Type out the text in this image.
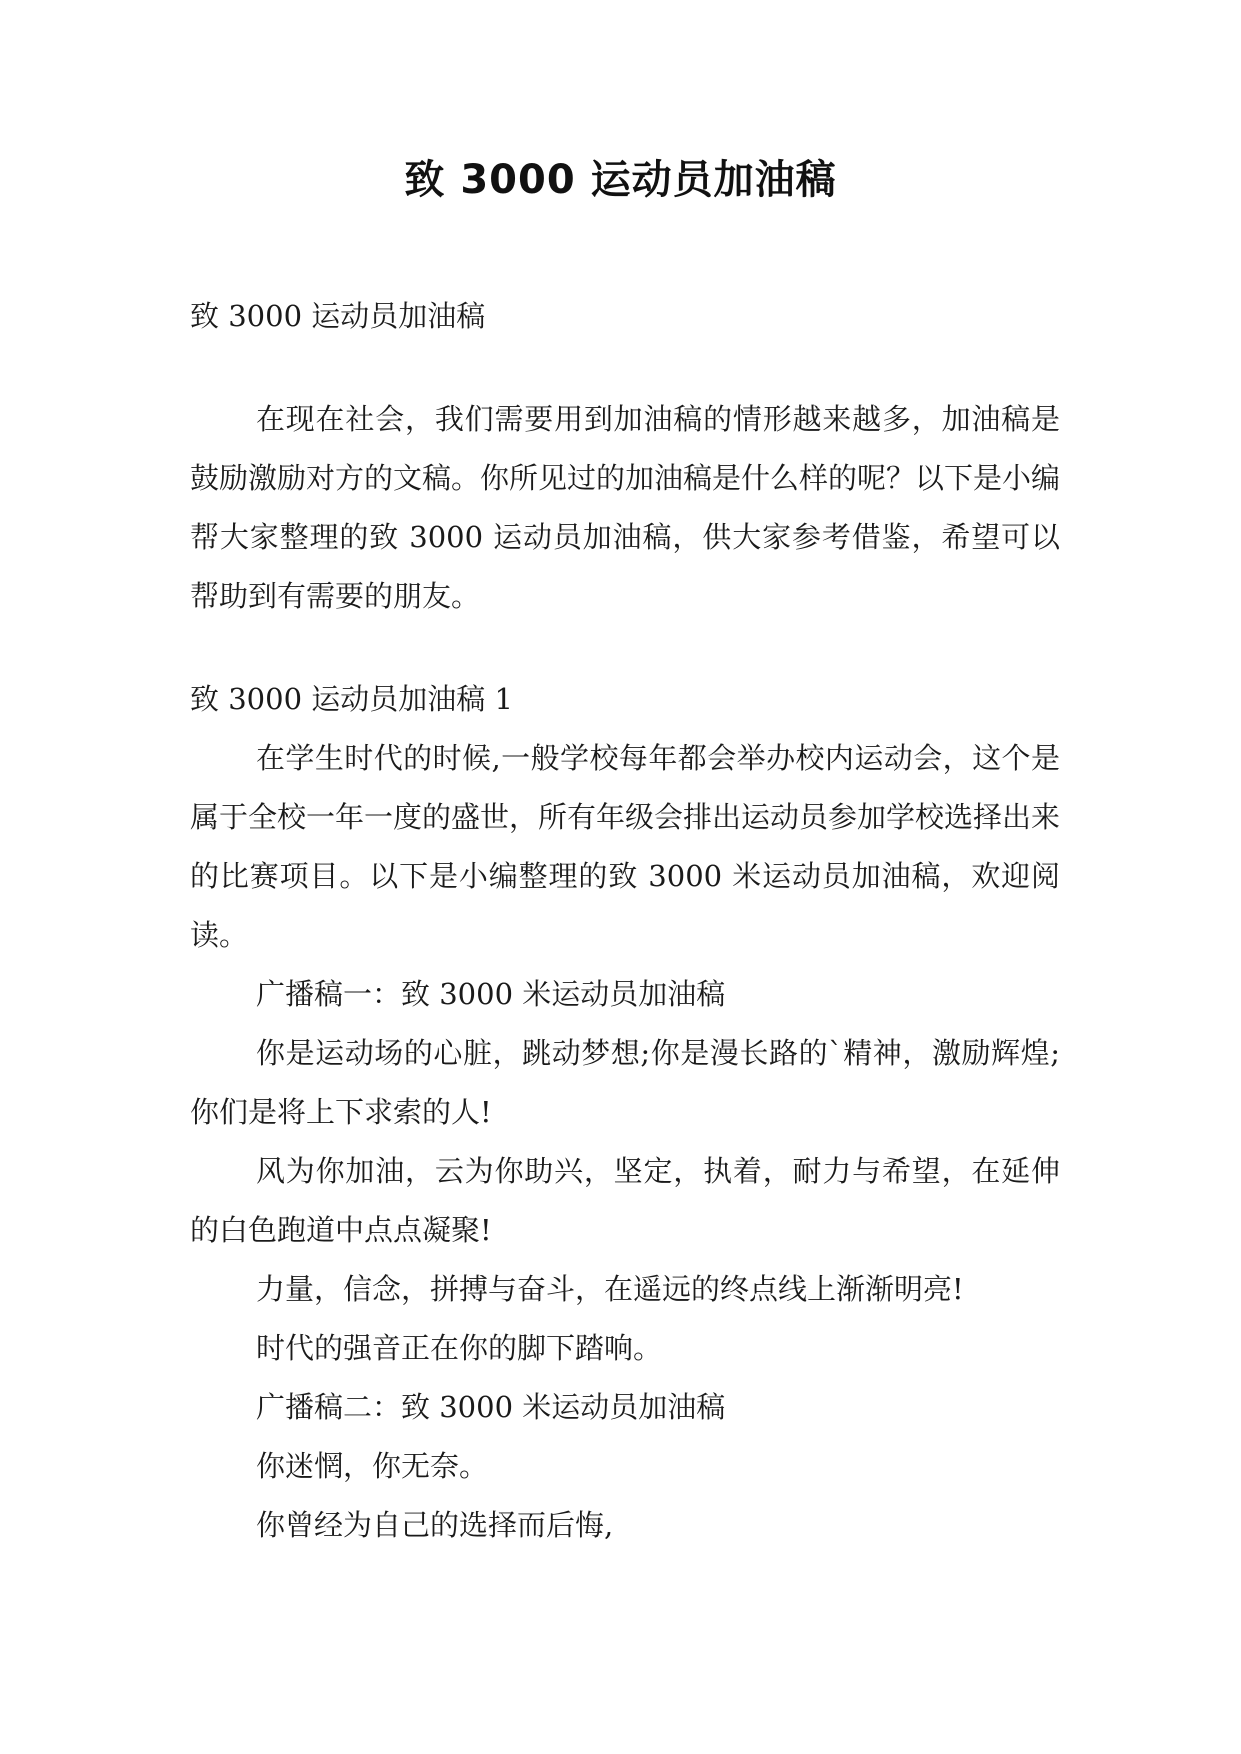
致 3000 运动员加油稿

致 3000 运动员加油稿

在现在社会，我们需要用到加油稿的情形越来越多，加油稿是鼓励激励对方的文稿。你所见过的加油稿是什么样的呢？以下是小编帮大家整理的致 3000 运动员加油稿，供大家参考借鉴，希望可以帮助到有需要的朋友。

致 3000 运动员加油稿 1

在学生时代的时候,一般学校每年都会举办校内运动会，这个是属于全校一年一度的盛世，所有年级会排出运动员参加学校选择出来的比赛项目。以下是小编整理的致 3000 米运动员加油稿，欢迎阅读。

广播稿一：致 3000 米运动员加油稿

你是运动场的心脏，跳动梦想;你是漫长路的`精神，激励辉煌;你们是将上下求索的人!

风为你加油，云为你助兴，坚定，执着，耐力与希望，在延伸的白色跑道中点点凝聚!

力量，信念，拼搏与奋斗，在遥远的终点线上渐渐明亮!

时代的强音正在你的脚下踏响。

广播稿二：致 3000 米运动员加油稿

你迷惘，你无奈。

你曾经为自己的选择而后悔,
